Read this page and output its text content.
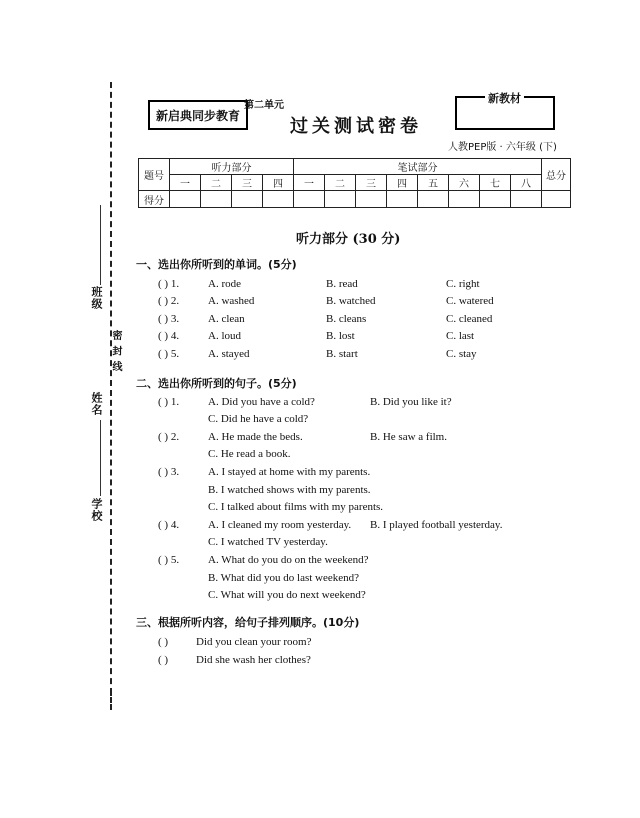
班级
密 封 线
姓名
学校
新启典同步教育
第二单元
过关测试密卷
新教材
人教PEP版 · 六年级 (下)
题号	听力部分				笔试部分								总分
	一	二	三	四	一	二	三	四	五	六	七	八	
得分													
听力部分 (30 分)
一、选出你所听到的单词。(5分)
( ) 1.	A. rode	B. read	C. right
( ) 2.	A. washed	B. watched	C. watered
( ) 3.	A. clean	B. cleans	C. cleaned
( ) 4.	A. loud	B. lost	C. last
( ) 5.	A. stayed	B. start	C. stay
二、选出你所听到的句子。(5分)
( ) 1.	A. Did you have a cold?	B. Did you like it?
C. Did he have a cold?
( ) 2.	A. He made the beds.	B. He saw a film.
C. He read a book.
( ) 3.	A. I stayed at home with my parents.
B. I watched shows with my parents.
C. I talked about films with my parents.
( ) 4.	A. I cleaned my room yesterday. B. I played football yesterday.
C. I watched TV yesterday.
( ) 5.	A. What do you do on the weekend?
B. What did you do last weekend?
C. What will you do next weekend?
三、根据所听内容，给句子排列顺序。(10分)
( )	Did you clean your room?
( )	Did she wash her clothes?
